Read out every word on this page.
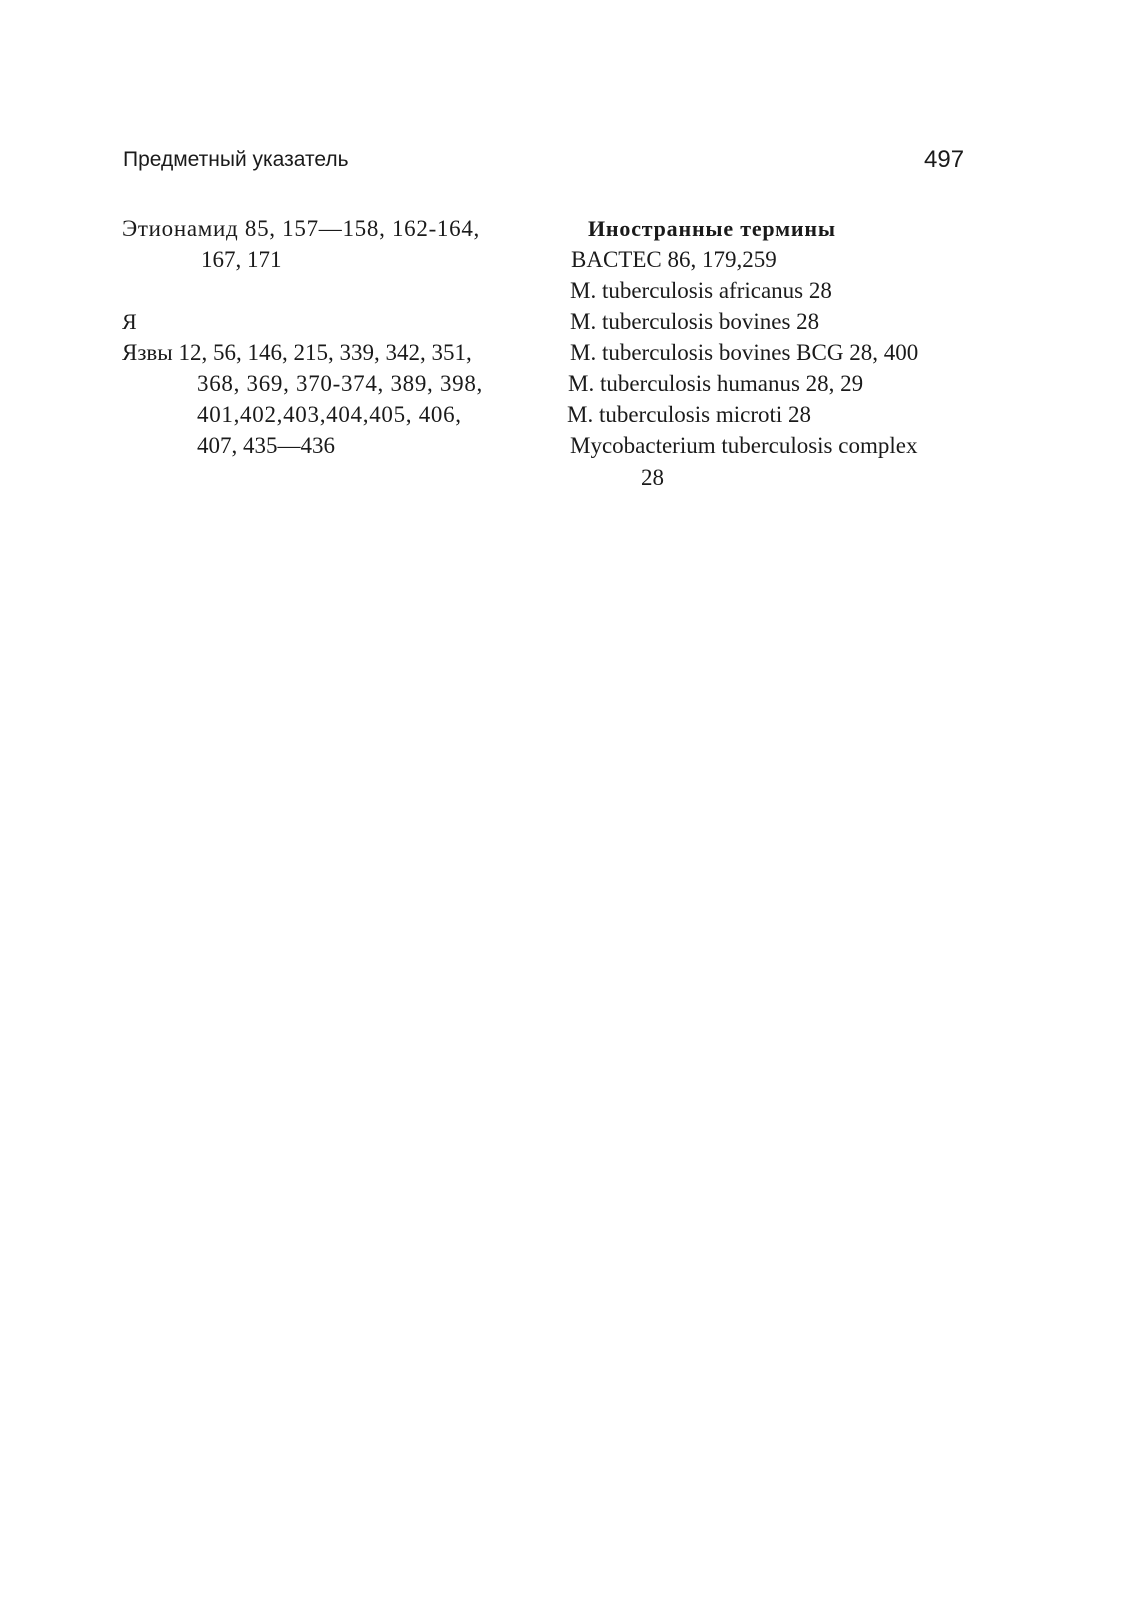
Предметный указатель	497
Этионамид 85, 157—158, 162-164,
167, 171
Я
Язвы 12, 56, 146, 215, 339, 342, 351,
368, 369, 370-374, 389, 398,
401,402,403,404,405, 406,
407, 435—436
Иностранные термины
BACTEC 86, 179,259
M. tuberculosis africanus 28
M. tuberculosis bovines 28
M. tuberculosis bovines BCG 28, 400
M. tuberculosis humanus 28, 29
M. tuberculosis microti 28
Mycobacterium tuberculosis complex
28
